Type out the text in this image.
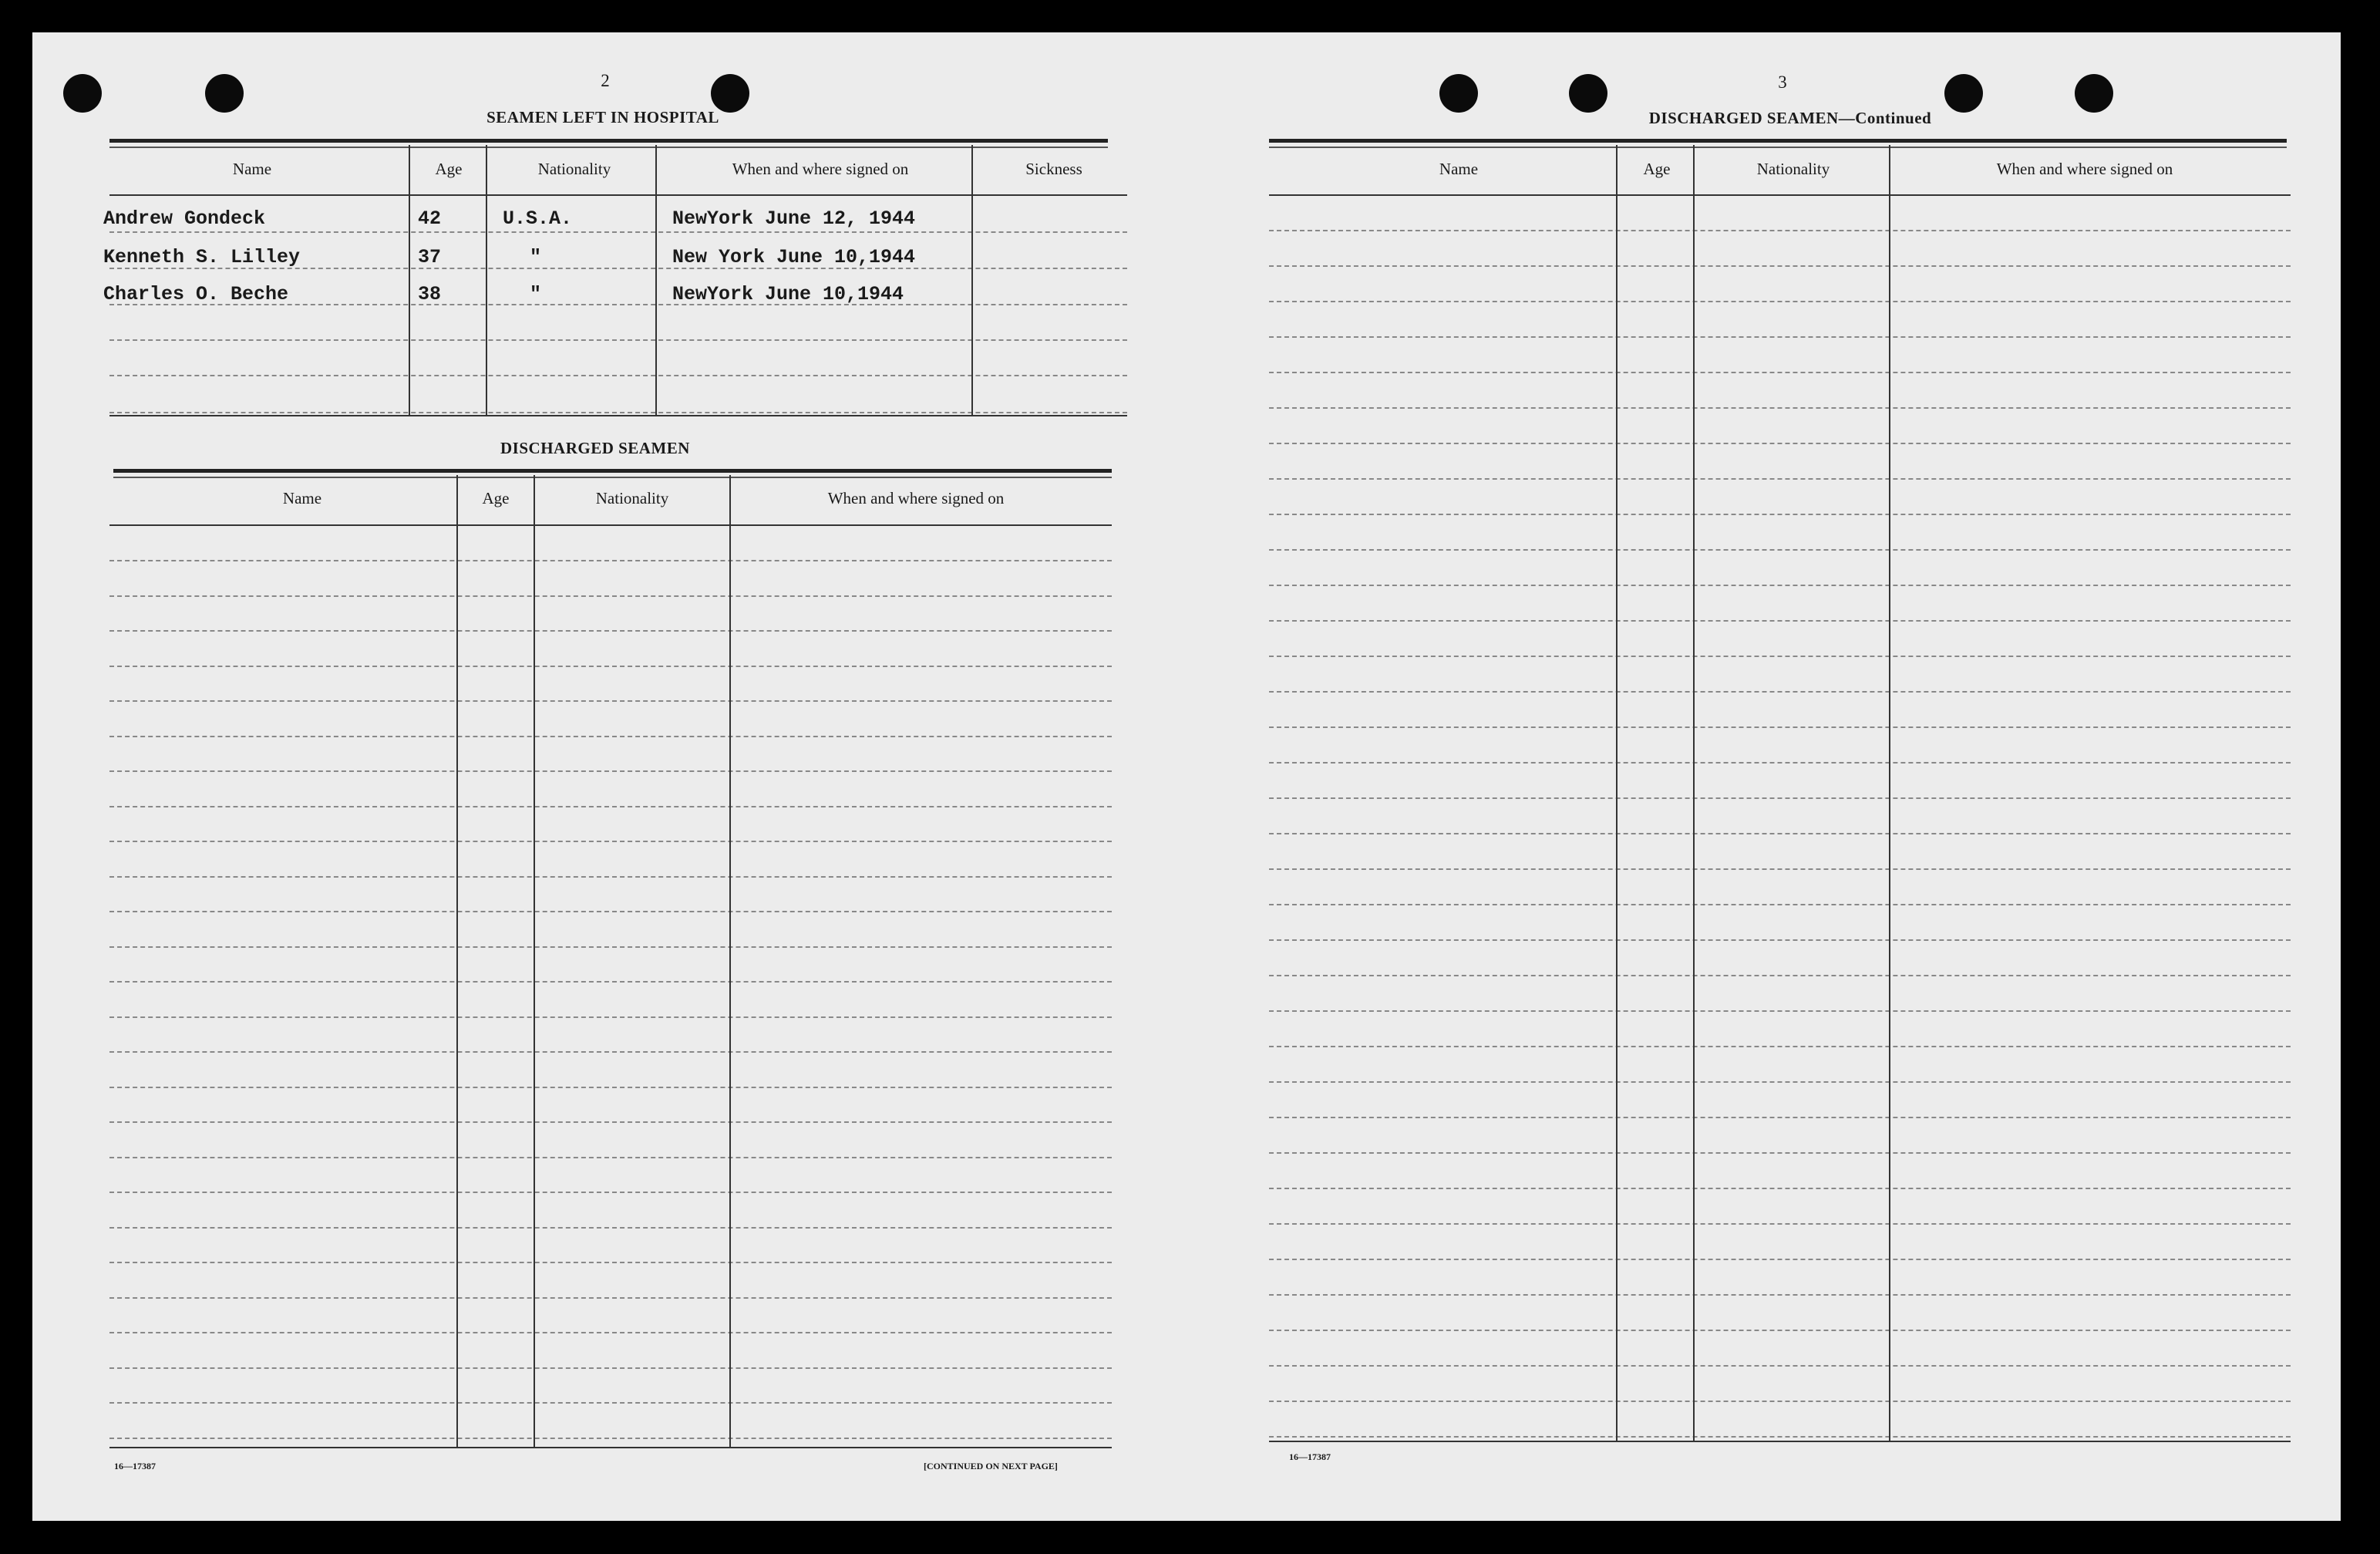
2
SEAMEN LEFT IN HOSPITAL
Name	Age	Nationality	When and where signed on	Sickness
Andrew Gondeck	42	U.S.A.	NewYork June 12, 1944
Kenneth S. Lilley	37	"	New York June 10,1944
Charles O. Beche	38	"	NewYork June 10,1944
DISCHARGED SEAMEN
Name	Age	Nationality	When and where signed on
16—17387	[CONTINUED ON NEXT PAGE]
3
DISCHARGED SEAMEN—Continued
Name	Age	Nationality	When and where signed on
16—17387
